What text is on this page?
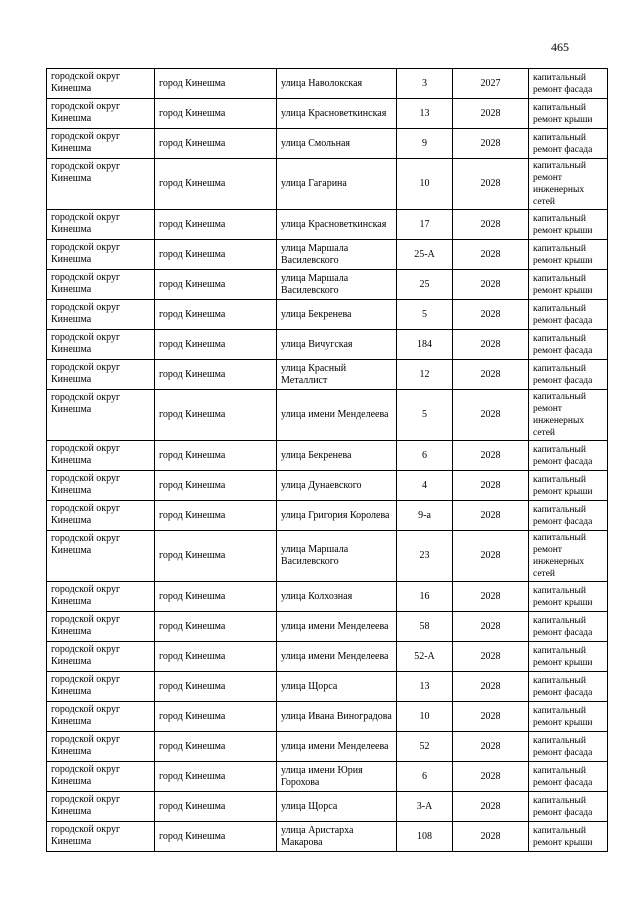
465
городской округ Кинешма	город Кинешма	улица Наволокская	3	2027	капитальный ремонт фасада
городской округ Кинешма	город Кинешма	улица Красноветкинская	13	2028	капитальный ремонт крыши
городской округ Кинешма	город Кинешма	улица Смольная	9	2028	капитальный ремонт фасада
городской округ Кинешма	город Кинешма	улица Гагарина	10	2028	капитальный ремонт инженерных сетей
городской округ Кинешма	город Кинешма	улица Красноветкинская	17	2028	капитальный ремонт крыши
городской округ Кинешма	город Кинешма	улица Маршала Василевского	25-А	2028	капитальный ремонт крыши
городской округ Кинешма	город Кинешма	улица Маршала Василевского	25	2028	капитальный ремонт крыши
городской округ Кинешма	город Кинешма	улица Бекренева	5	2028	капитальный ремонт фасада
городской округ Кинешма	город Кинешма	улица Вичугская	184	2028	капитальный ремонт фасада
городской округ Кинешма	город Кинешма	улица Красный Металлист	12	2028	капитальный ремонт фасада
городской округ Кинешма	город Кинешма	улица имени Менделеева	5	2028	капитальный ремонт инженерных сетей
городской округ Кинешма	город Кинешма	улица Бекренева	6	2028	капитальный ремонт фасада
городской округ Кинешма	город Кинешма	улица Дунаевского	4	2028	капитальный ремонт крыши
городской округ Кинешма	город Кинешма	улица Григория Королева	9-а	2028	капитальный ремонт фасада
городской округ Кинешма	город Кинешма	улица Маршала Василевского	23	2028	капитальный ремонт инженерных сетей
городской округ Кинешма	город Кинешма	улица Колхозная	16	2028	капитальный ремонт крыши
городской округ Кинешма	город Кинешма	улица имени Менделеева	58	2028	капитальный ремонт фасада
городской округ Кинешма	город Кинешма	улица имени Менделеева	52-А	2028	капитальный ремонт крыши
городской округ Кинешма	город Кинешма	улица Щорса	13	2028	капитальный ремонт фасада
городской округ Кинешма	город Кинешма	улица Ивана Виноградова	10	2028	капитальный ремонт крыши
городской округ Кинешма	город Кинешма	улица имени Менделеева	52	2028	капитальный ремонт фасада
городской округ Кинешма	город Кинешма	улица имени Юрия Горохова	6	2028	капитальный ремонт фасада
городской округ Кинешма	город Кинешма	улица Щорса	3-А	2028	капитальный ремонт фасада
городской округ Кинешма	город Кинешма	улица Аристарха Макарова	108	2028	капитальный ремонт крыши
